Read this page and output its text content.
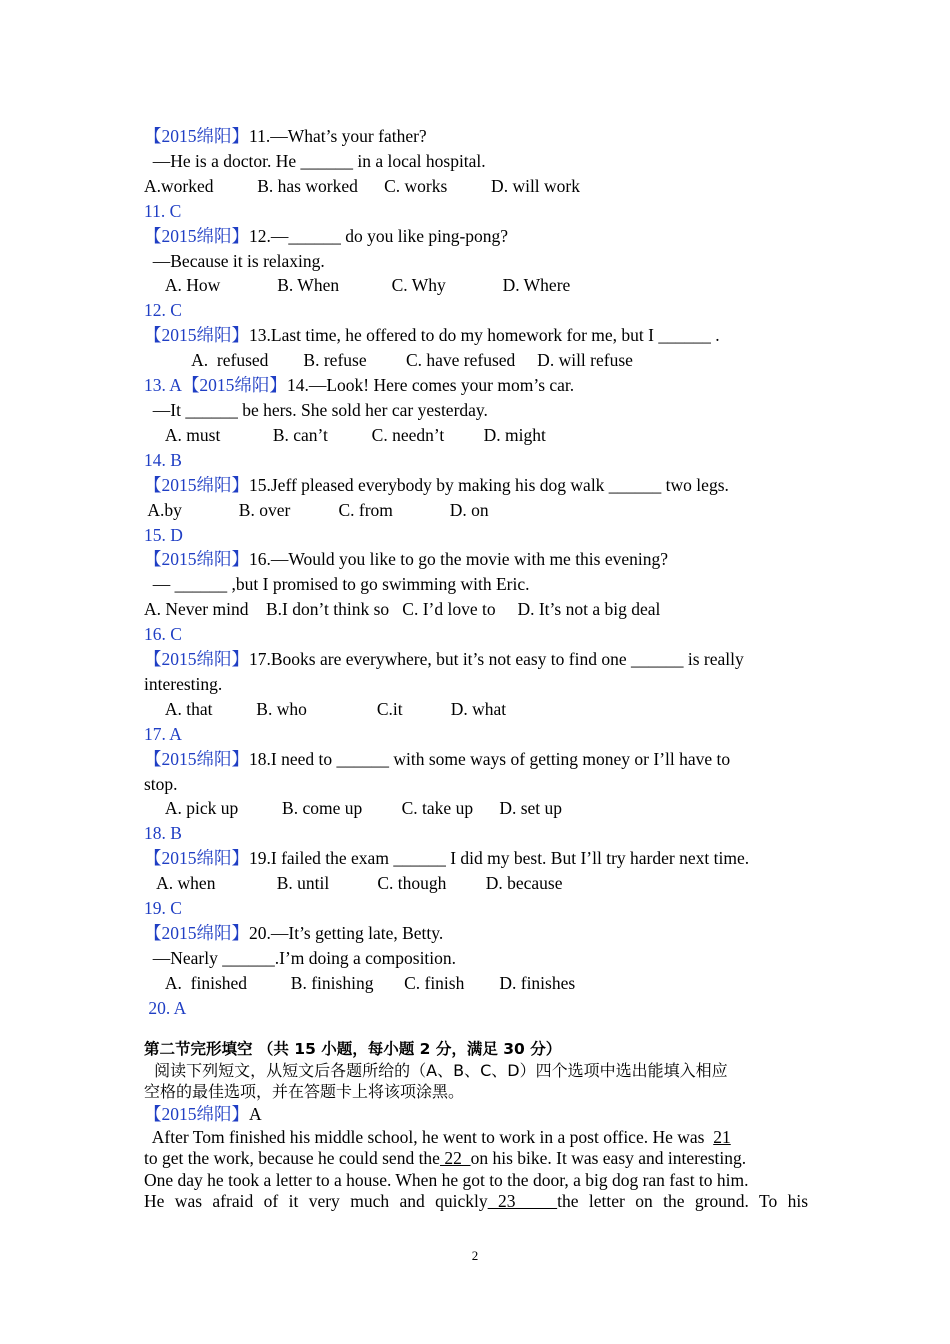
【2015绵阳】11.—What’s your father?
—He is a doctor. He ______ in a local hospital.
A.worked          B. has worked      C. works          D. will work
11. C
【2015绵阳】12.—______ do you like ping-pong?
—Because it is relaxing.
A. How             B. When            C. Why             D. Where
12. C
【2015绵阳】13.Last time, he offered to do my homework for me, but I ______ .
A.  refused        B. refuse         C. have refused     D. will refuse
13. A【2015绵阳】14.—Look! Here comes your mom’s car.
—It ______ be hers. She sold her car yesterday.
A. must            B. can’t          C. needn’t         D. might
14. B
【2015绵阳】15.Jeff pleased everybody by making his dog walk ______ two legs.
A.by             B. over           C. from             D. on
15. D
【2015绵阳】16.—Would you like to go the movie with me this evening?
— ______ ,but I promised to go swimming with Eric.
A. Never mind    B.I don’t think so   C. I’d love to     D. It’s not a big deal
16. C
【2015绵阳】17.Books are everywhere, but it’s not easy to find one ______ is really
interesting.
A. that          B. who                C.it           D. what
17. A
【2015绵阳】18.I need to ______ with some ways of getting money or I’ll have to
stop.
A. pick up          B. come up         C. take up      D. set up
18. B
【2015绵阳】19.I failed the exam ______ I did my best. But I’ll try harder next time.
A. when              B. until           C. though         D. because
19. C
【2015绵阳】20.—It’s getting late, Betty.
—Nearly ______.I’m doing a composition.
A.  finished          B. finishing       C. finish        D. finishes
20. A
第二节完形填空 （共 15 小题，每小题 2 分，满足 30 分）
阅读下列短文，从短文后各题所给的（A、B、C、D）四个选项中选出能填入相应
空格的最佳选项，并在答题卡上将该项涂黑。
【2015绵阳】A
After Tom finished his middle school, he went to work in a post office. He was  21
to get the work, because he could send the 22  on his bike. It was easy and interesting.
One day he took a letter to a house. When he got to the door, a big dog ran fast to him.
He was afraid of it very much and quickly 23    the letter on the ground. To his
2
